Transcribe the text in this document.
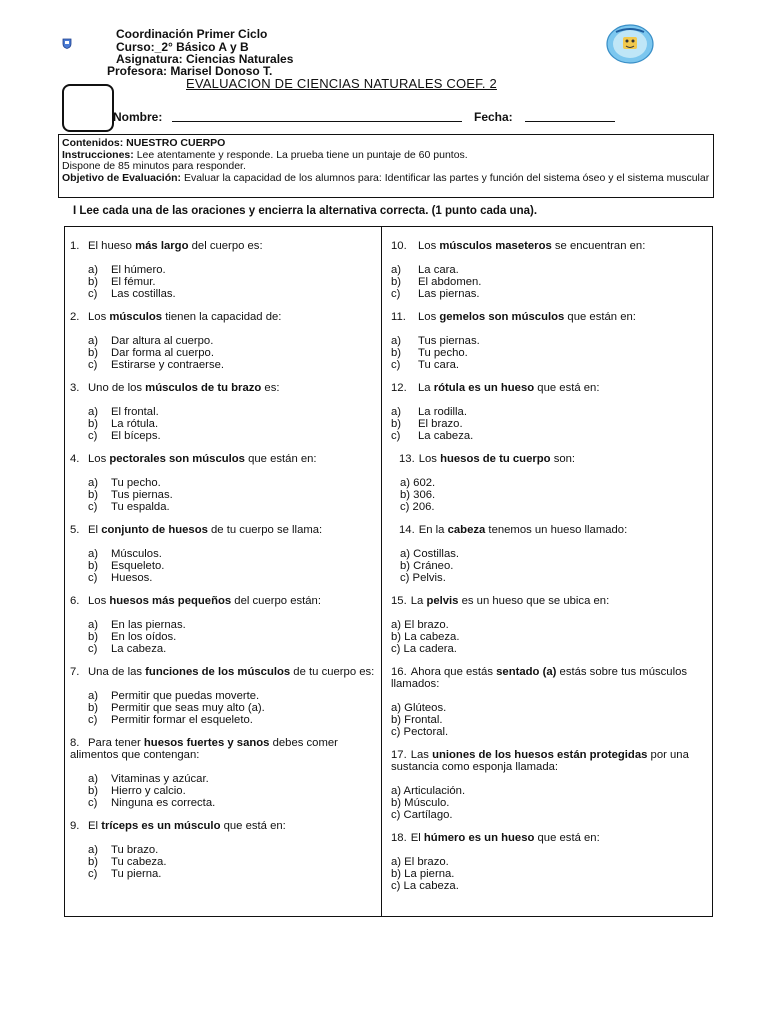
Coordinación Primer Ciclo
Curso:_2° Básico A y B
Asignatura: Ciencias Naturales
Profesora: Marisel Donoso T.
EVALUACION DE CIENCIAS NATURALES COEF. 2
Nombre:	Fecha:
Contenidos: NUESTRO CUERPO
Instrucciones: Lee atentamente y responde. La prueba tiene un puntaje de 60 puntos.
Dispone de 85 minutos para responder.
Objetivo de Evaluación: Evaluar la capacidad de los alumnos para: Identificar las partes y función del sistema óseo y el sistema muscular
I Lee cada una de las oraciones y encierra la alternativa correcta. (1 punto cada una).
1. El hueso más largo del cuerpo es:
a)	El húmero.
b)	El fémur.
c)	Las costillas.
2. Los músculos tienen la capacidad de:
a)	Dar altura al cuerpo.
b)	Dar forma al cuerpo.
c)	Estirarse y contraerse.
3. Uno de los músculos de tu brazo es:
a)	El frontal.
b)	La rótula.
c)	El bíceps.
4. Los pectorales son músculos que están en:
a)	Tu pecho.
b)	Tus piernas.
c)	Tu espalda.
5. El conjunto de huesos de tu cuerpo se llama:
a)	Músculos.
b)	Esqueleto.
c)	Huesos.
6. Los huesos más pequeños del cuerpo están:
a)	En las piernas.
b)	En los oídos.
c)	La cabeza.
7. Una de las funciones de los músculos de tu cuerpo es:
a)	Permitir que puedas moverte.
b)	Permitir que seas muy alto (a).
c)	Permitir formar el esqueleto.
8. Para tener huesos fuertes y sanos debes comer alimentos que contengan:
a)	Vitaminas y azúcar.
b)	Hierro y calcio.
c)	Ninguna es correcta.
9. El tríceps es un músculo que está en:
a)	Tu brazo.
b)	Tu cabeza.
c)	Tu pierna.
10. Los músculos maseteros se encuentran en:
a)	La cara.
b)	El abdomen.
c)	Las piernas.
11. Los gemelos son músculos que están en:
a)	Tus piernas.
b)	Tu pecho.
c)	Tu cara.
12. La rótula es un hueso que está en:
a)	La rodilla.
b)	El brazo.
c)	La cabeza.
13. Los huesos de tu cuerpo son:
a) 602.
b) 306.
c) 206.
14. En la cabeza tenemos un hueso llamado:
a) Costillas.
b) Cráneo.
c) Pelvis.
15. La pelvis es un hueso que se ubica en:
a) El brazo.
b) La cabeza.
c) La cadera.
16. Ahora que estás sentado (a) estás sobre tus músculos llamados:
a) Glúteos.
b) Frontal.
c) Pectoral.
17. Las uniones de los huesos están protegidas por una sustancia como esponja llamada:
a) Articulación.
b) Músculo.
c) Cartílago.
18. El húmero es un hueso que está en:
a) El brazo.
b) La pierna.
c) La cabeza.
